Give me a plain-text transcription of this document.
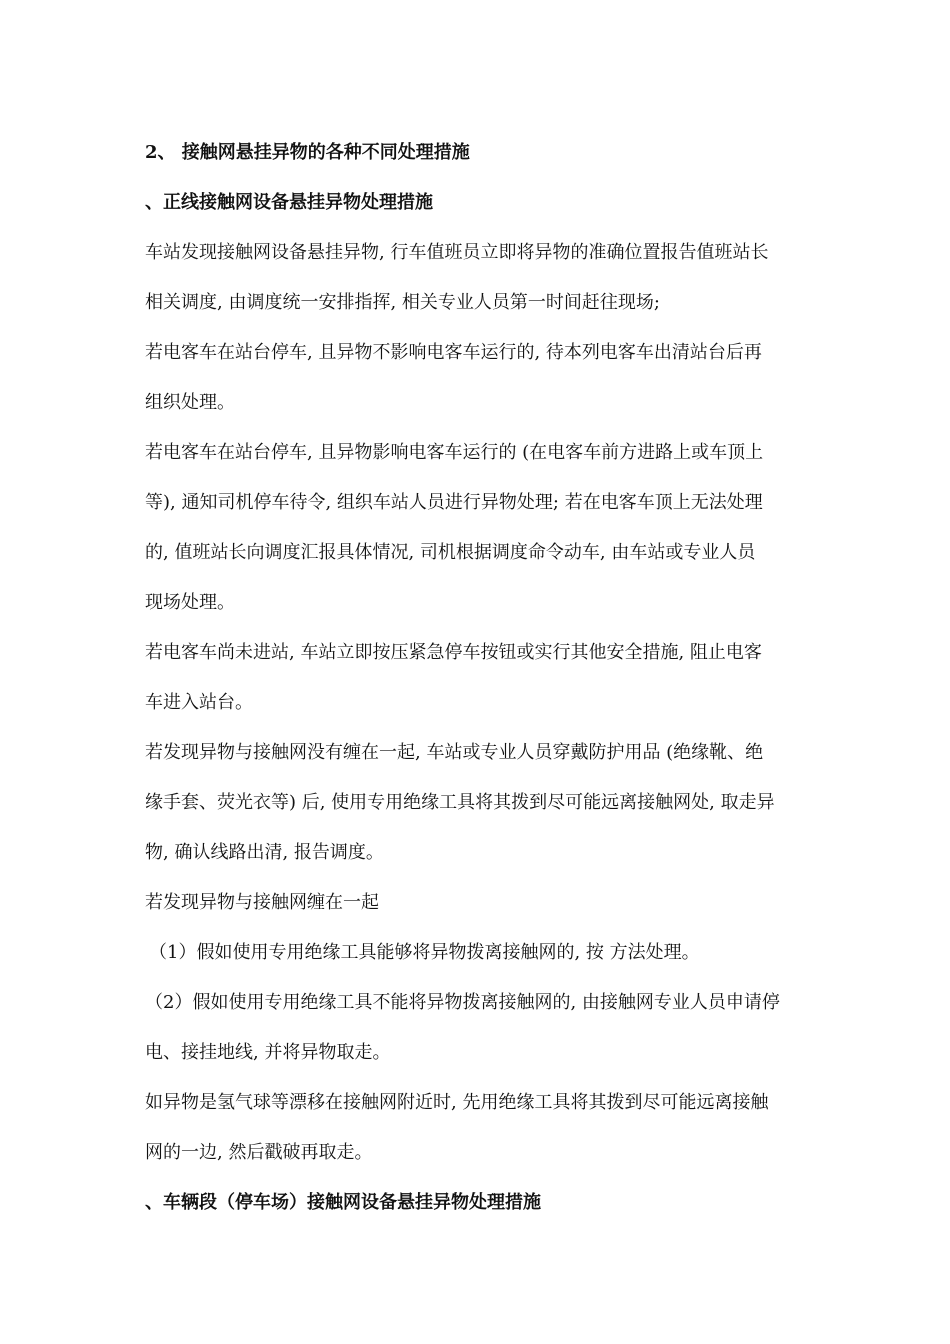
2、 接触网悬挂异物的各种不同处理措施
、正线接触网设备悬挂异物处理措施
车站发现接触网设备悬挂异物, 行车值班员立即将异物的准确位置报告值班站长
相关调度, 由调度统一安排指挥, 相关专业人员第一时间赶往现场;
若电客车在站台停车, 且异物不影响电客车运行的, 待本列电客车出清站台后再
组织处理。
若电客车在站台停车, 且异物影响电客车运行的 (在电客车前方进路上或车顶上
等), 通知司机停车待令, 组织车站人员进行异物处理; 若在电客车顶上无法处理
的, 值班站长向调度汇报具体情况, 司机根据调度命令动车, 由车站或专业人员
现场处理。
若电客车尚未进站, 车站立即按压紧急停车按钮或实行其他安全措施, 阻止电客
车进入站台。
若发现异物与接触网没有缠在一起, 车站或专业人员穿戴防护用品 (绝缘靴、绝
缘手套、荧光衣等) 后, 使用专用绝缘工具将其拨到尽可能远离接触网处, 取走异
物, 确认线路出清, 报告调度。
若发现异物与接触网缠在一起
（1）假如使用专用绝缘工具能够将异物拨离接触网的, 按 方法处理。
（2）假如使用专用绝缘工具不能将异物拨离接触网的, 由接触网专业人员申请停
电、接挂地线, 并将异物取走。
如异物是氢气球等漂移在接触网附近时, 先用绝缘工具将其拨到尽可能远离接触
网的一边, 然后戳破再取走。
、车辆段（停车场）接触网设备悬挂异物处理措施
